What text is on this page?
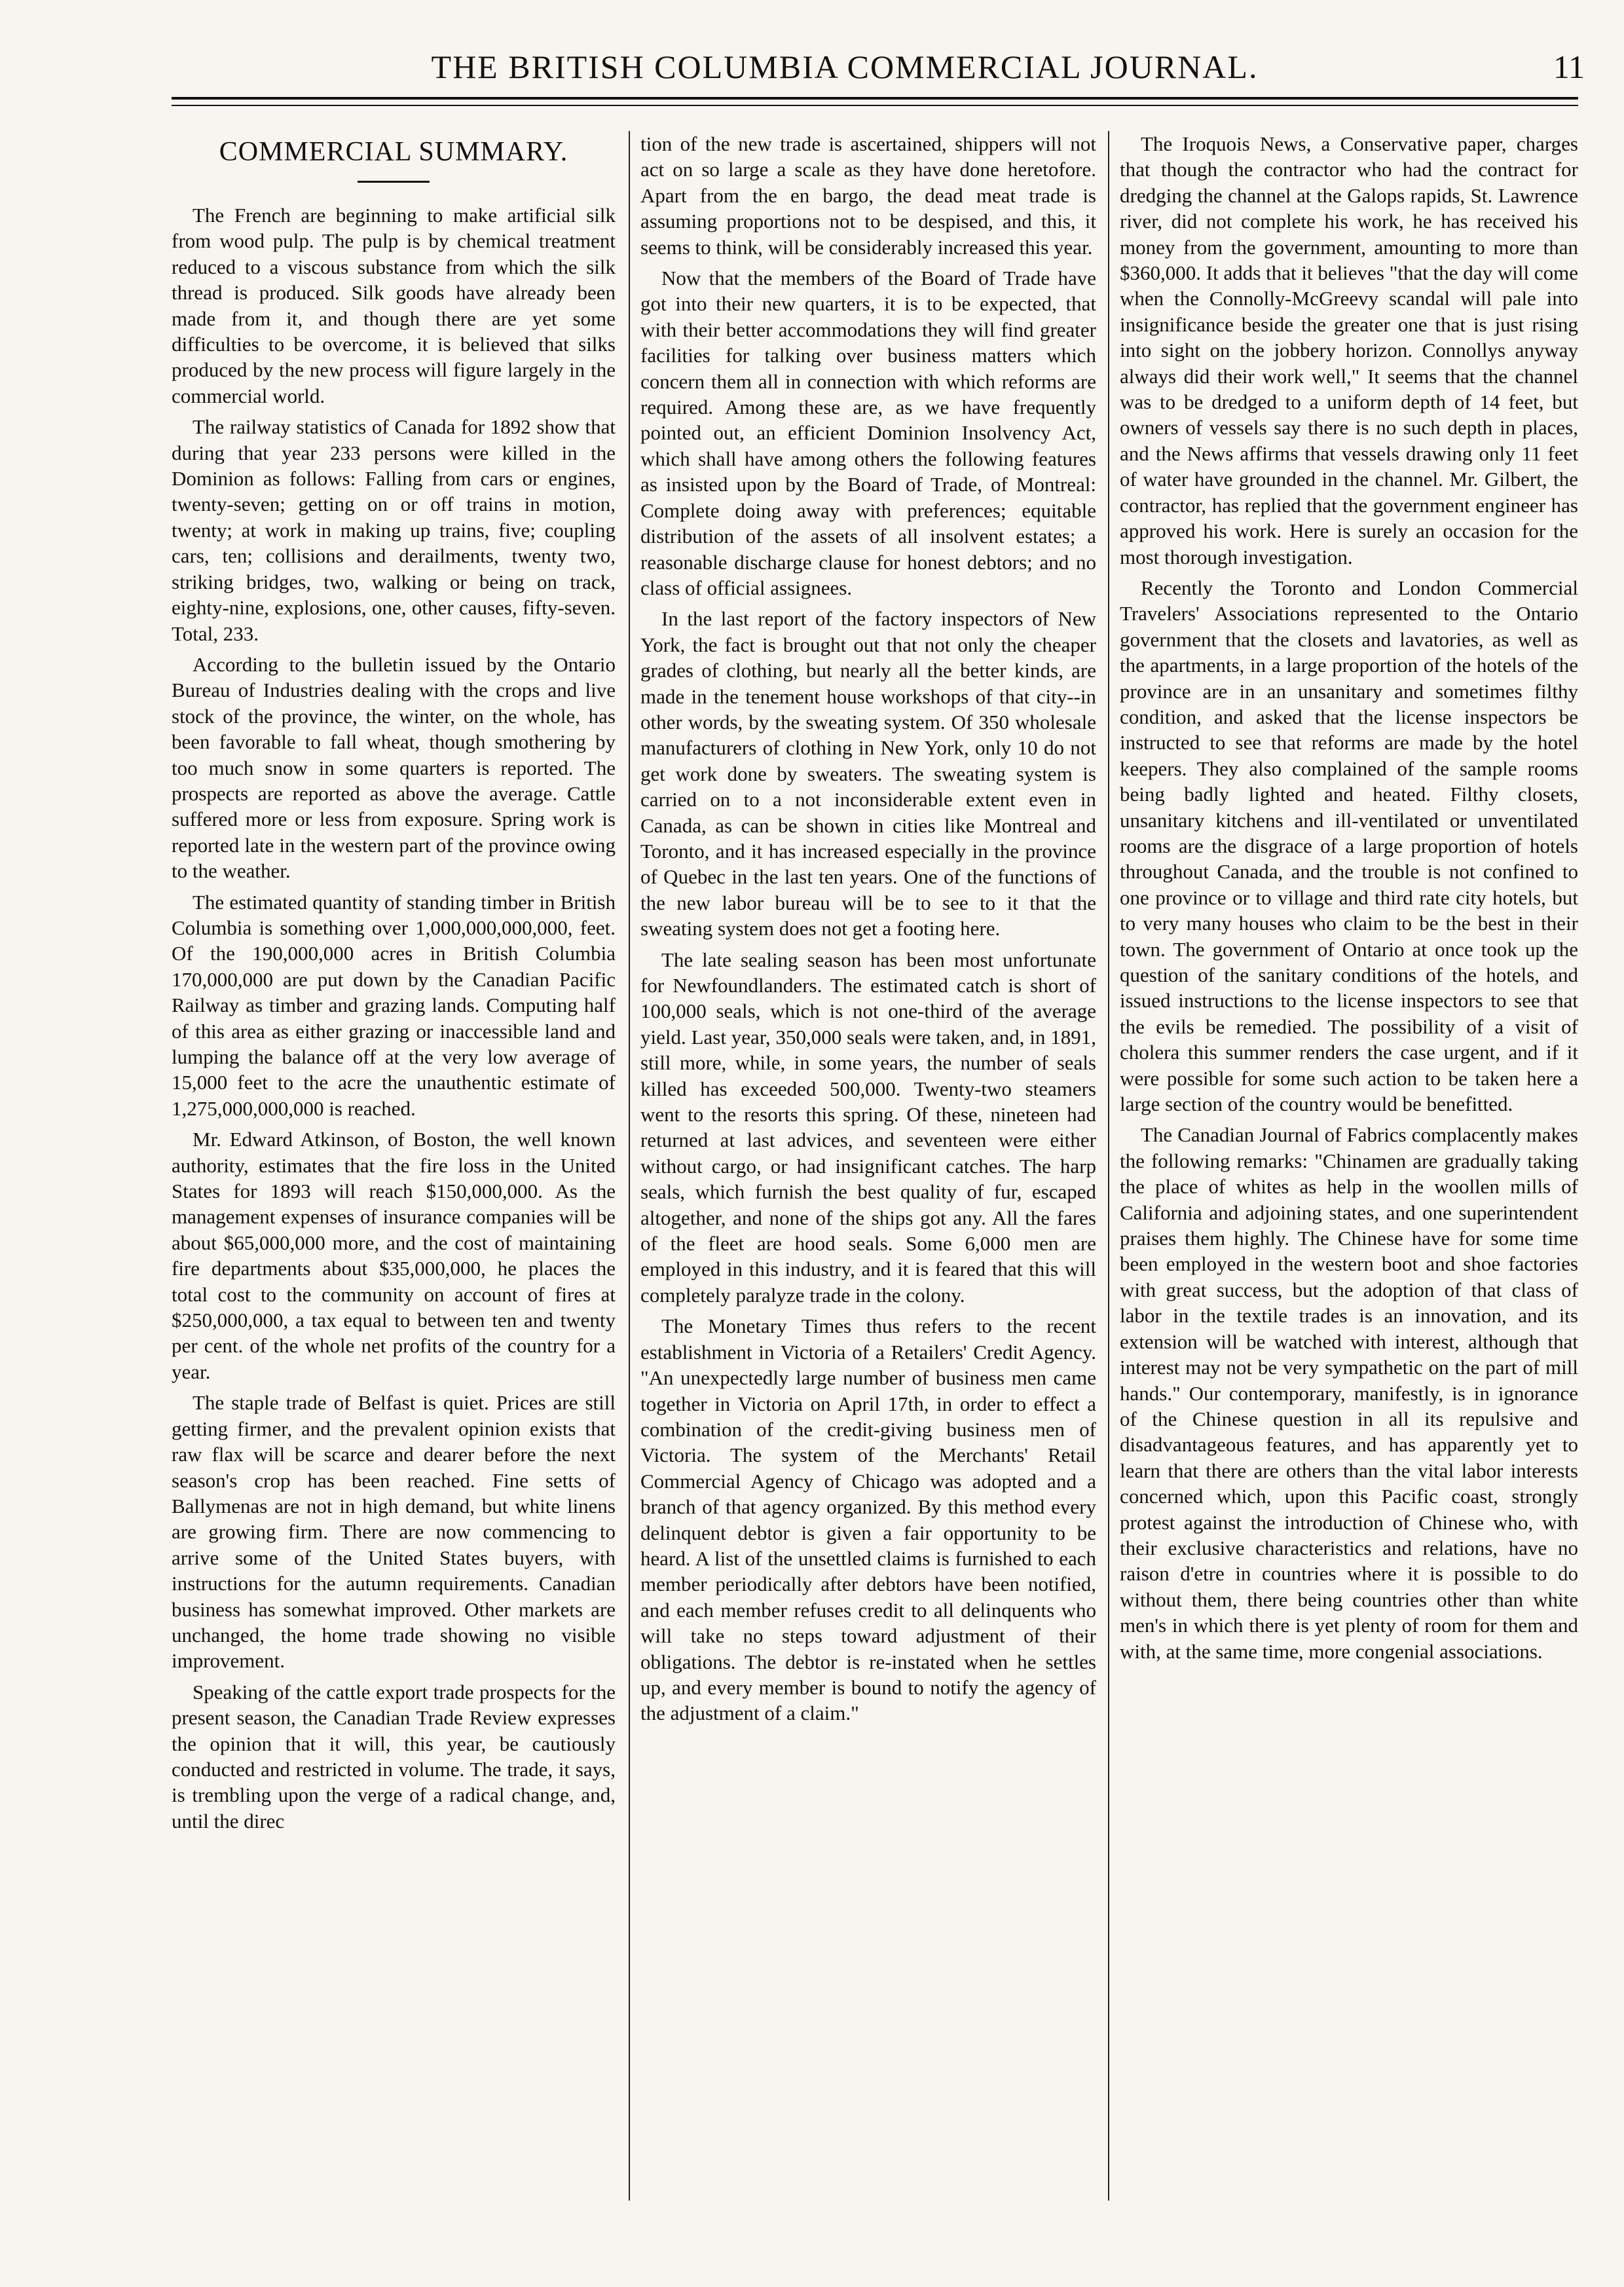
THE BRITISH COLUMBIA COMMERCIAL JOURNAL.	11
COMMERCIAL SUMMARY.

The French are beginning to make artificial silk from wood pulp. The pulp is by chemical treatment reduced to a viscous substance from which the silk thread is produced. Silk goods have already been made from it, and though there are yet some difficulties to be overcome, it is believed that silks produced by the new process will figure largely in the commercial world.

The railway statistics of Canada for 1892 show that during that year 233 persons were killed in the Dominion as follows: Falling from cars or engines, twenty-seven; getting on or off trains in motion, twenty; at work in making up trains, five; coupling cars, ten; collisions and derailments, twenty two, striking bridges, two, walking or being on track, eighty-nine, explosions, one, other causes, fifty-seven. Total, 233.

According to the bulletin issued by the Ontario Bureau of Industries dealing with the crops and live stock of the province, the winter, on the whole, has been favorable to fall wheat, though smothering by too much snow in some quarters is reported. The prospects are reported as above the average. Cattle suffered more or less from exposure. Spring work is reported late in the western part of the province owing to the weather.

The estimated quantity of standing timber in British Columbia is something over 1,000,000,000,000, feet. Of the 190,000,000 acres in British Columbia 170,000,000 are put down by the Canadian Pacific Railway as timber and grazing lands. Computing half of this area as either grazing or inaccessible land and lumping the balance off at the very low average of 15,000 feet to the acre the unauthentic estimate of 1,275,000,000,000 is reached.

Mr. Edward Atkinson, of Boston, the well known authority, estimates that the fire loss in the United States for 1893 will reach $150,000,000. As the management expenses of insurance companies will be about $65,000,000 more, and the cost of maintaining fire departments about $35,000,000, he places the total cost to the community on account of fires at $250,000,000, a tax equal to between ten and twenty per cent. of the whole net profits of the country for a year.

The staple trade of Belfast is quiet. Prices are still getting firmer, and the prevalent opinion exists that raw flax will be scarce and dearer before the next season's crop has been reached. Fine setts of Ballymenas are not in high demand, but white linens are growing firm. There are now commencing to arrive some of the United States buyers, with instructions for the autumn requirements. Canadian business has somewhat improved. Other markets are unchanged, the home trade showing no visible improvement.

Speaking of the cattle export trade prospects for the present season, the Canadian Trade Review expresses the opinion that it will, this year, be cautiously conducted and restricted in volume. The trade, it says, is trembling upon the verge of a radical change, and, until the direc

tion of the new trade is ascertained, shippers will not act on so large a scale as they have done heretofore. Apart from the en bargo, the dead meat trade is assuming proportions not to be despised, and this, it seems to think, will be considerably increased this year.

Now that the members of the Board of Trade have got into their new quarters, it is to be expected, that with their better accommodations they will find greater facilities for talking over business matters which concern them all in connection with which reforms are required. Among these are, as we have frequently pointed out, an efficient Dominion Insolvency Act, which shall have among others the following features as insisted upon by the Board of Trade, of Montreal: Complete doing away with preferences; equitable distribution of the assets of all insolvent estates; a reasonable discharge clause for honest debtors; and no class of official assignees.

In the last report of the factory inspectors of New York, the fact is brought out that not only the cheaper grades of clothing, but nearly all the better kinds, are made in the tenement house workshops of that city--in other words, by the sweating system. Of 350 wholesale manufacturers of clothing in New York, only 10 do not get work done by sweaters. The sweating system is carried on to a not inconsiderable extent even in Canada, as can be shown in cities like Montreal and Toronto, and it has increased especially in the province of Quebec in the last ten years. One of the functions of the new labor bureau will be to see to it that the sweating system does not get a footing here.

The late sealing season has been most unfortunate for Newfoundlanders. The estimated catch is short of 100,000 seals, which is not one-third of the average yield. Last year, 350,000 seals were taken, and, in 1891, still more, while, in some years, the number of seals killed has exceeded 500,000. Twenty-two steamers went to the resorts this spring. Of these, nineteen had returned at last advices, and seventeen were either without cargo, or had insignificant catches. The harp seals, which furnish the best quality of fur, escaped altogether, and none of the ships got any. All the fares of the fleet are hood seals. Some 6,000 men are employed in this industry, and it is feared that this will completely paralyze trade in the colony.

The Monetary Times thus refers to the recent establishment in Victoria of a Retailers' Credit Agency. "An unexpectedly large number of business men came together in Victoria on April 17th, in order to effect a combination of the credit-giving business men of Victoria. The system of the Merchants' Retail Commercial Agency of Chicago was adopted and a branch of that agency organized. By this method every delinquent debtor is given a fair opportunity to be heard. A list of the unsettled claims is furnished to each member periodically after debtors have been notified, and each member refuses credit to all delinquents who will take no steps toward adjustment of their obligations. The debtor is re-instated when he settles up, and every member is bound to notify the agency of the adjustment of a claim."

The Iroquois News, a Conservative paper, charges that though the contractor who had the contract for dredging the channel at the Galops rapids, St. Lawrence river, did not complete his work, he has received his money from the government, amounting to more than $360,000. It adds that it believes "that the day will come when the Connolly-McGreevy scandal will pale into insignificance beside the greater one that is just rising into sight on the jobbery horizon. Connollys anyway always did their work well," It seems that the channel was to be dredged to a uniform depth of 14 feet, but owners of vessels say there is no such depth in places, and the News affirms that vessels drawing only 11 feet of water have grounded in the channel. Mr. Gilbert, the contractor, has replied that the government engineer has approved his work. Here is surely an occasion for the most thorough investigation.

Recently the Toronto and London Commercial Travelers' Associations represented to the Ontario government that the closets and lavatories, as well as the apartments, in a large proportion of the hotels of the province are in an unsanitary and sometimes filthy condition, and asked that the license inspectors be instructed to see that reforms are made by the hotel keepers. They also complained of the sample rooms being badly lighted and heated. Filthy closets, unsanitary kitchens and ill-ventilated or unventilated rooms are the disgrace of a large proportion of hotels throughout Canada, and the trouble is not confined to one province or to village and third rate city hotels, but to very many houses who claim to be the best in their town. The government of Ontario at once took up the question of the sanitary conditions of the hotels, and issued instructions to the license inspectors to see that the evils be remedied. The possibility of a visit of cholera this summer renders the case urgent, and if it were possible for some such action to be taken here a large section of the country would be benefitted.

The Canadian Journal of Fabrics complacently makes the following remarks: "Chinamen are gradually taking the place of whites as help in the woollen mills of California and adjoining states, and one superintendent praises them highly. The Chinese have for some time been employed in the western boot and shoe factories with great success, but the adoption of that class of labor in the textile trades is an innovation, and its extension will be watched with interest, although that interest may not be very sympathetic on the part of mill hands." Our contemporary, manifestly, is in ignorance of the Chinese question in all its repulsive and disadvantageous features, and has apparently yet to learn that there are others than the vital labor interests concerned which, upon this Pacific coast, strongly protest against the introduction of Chinese who, with their exclusive characteristics and relations, have no raison d'etre in countries where it is possible to do without them, there being countries other than white men's in which there is yet plenty of room for them and with, at the same time, more congenial associations.
